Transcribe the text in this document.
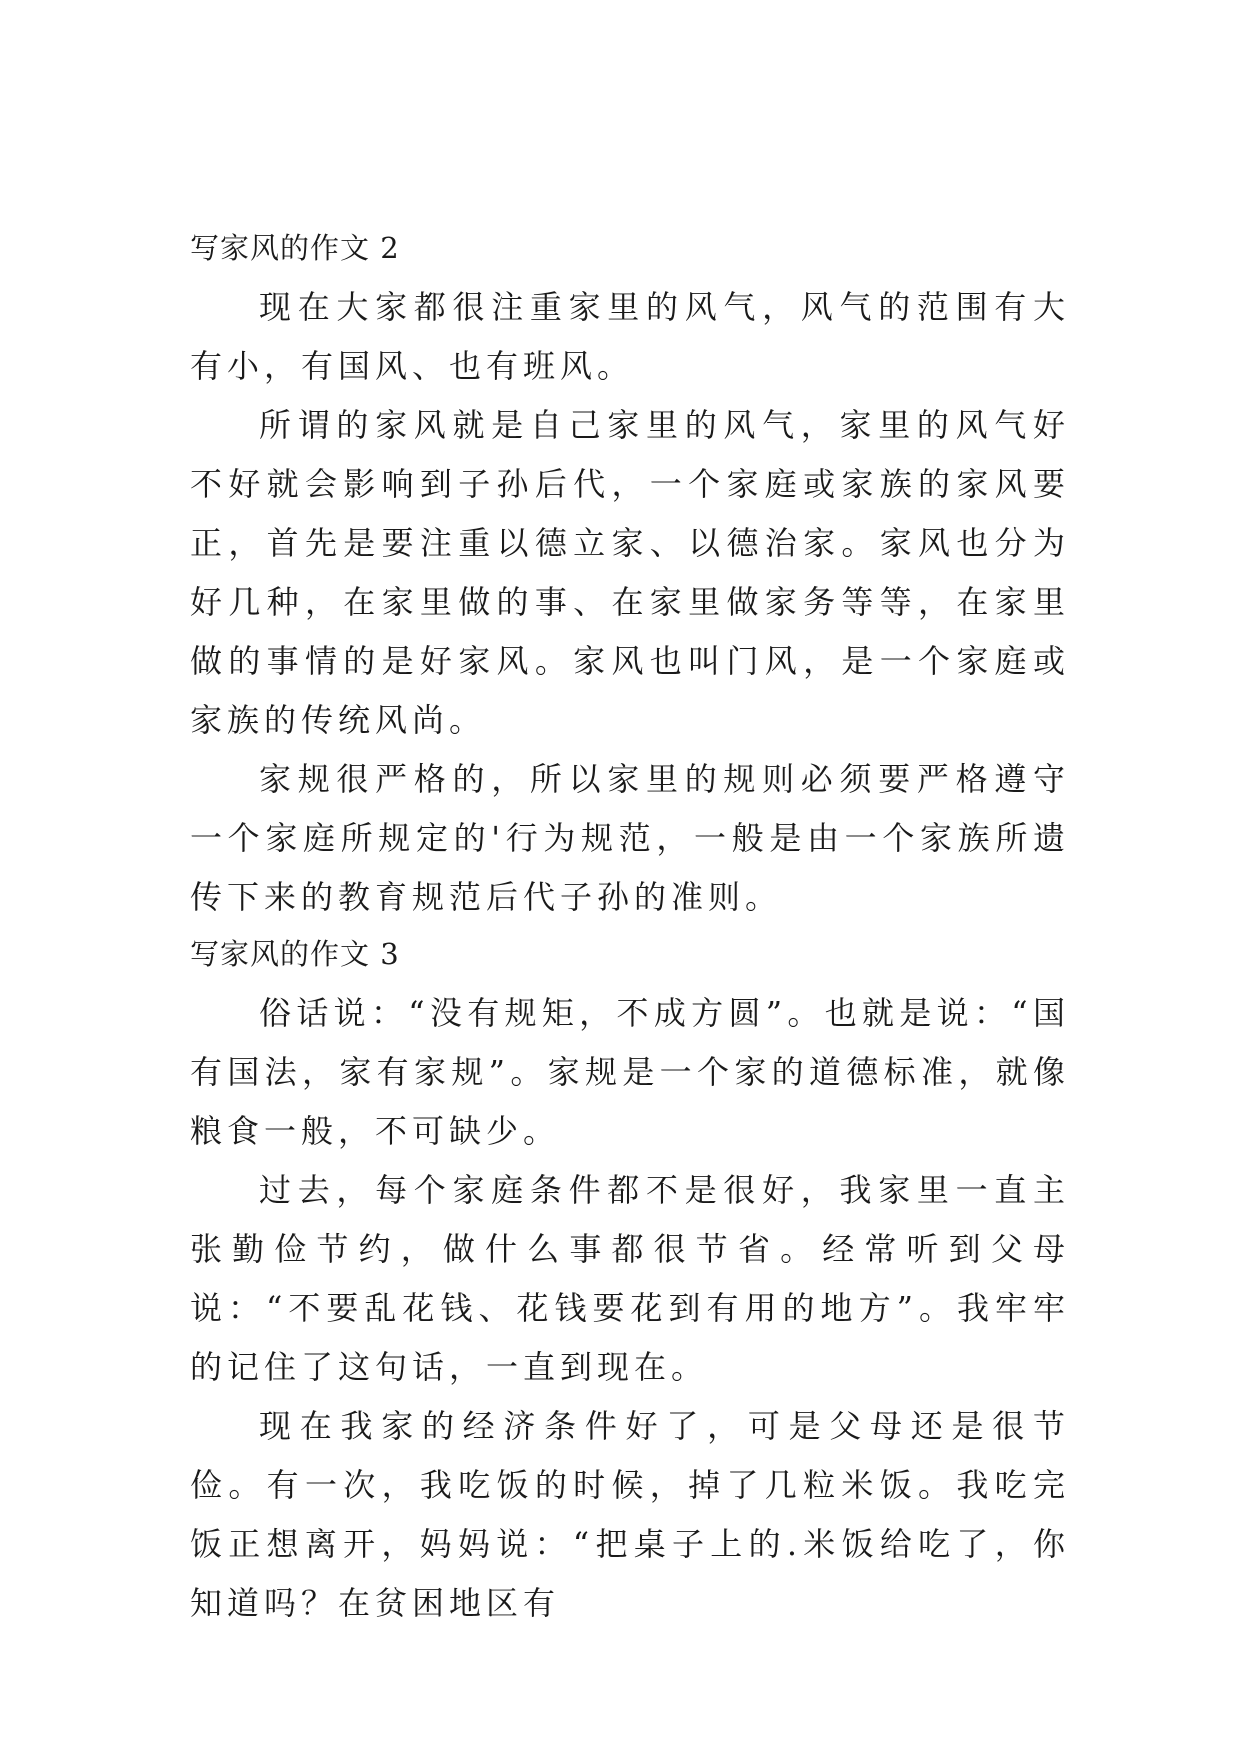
写家风的作文 2

现在大家都很注重家里的风气，风气的范围有大有小，有国风、也有班风。

所谓的家风就是自己家里的风气，家里的风气好不好就会影响到子孙后代，一个家庭或家族的家风要正，首先是要注重以德立家、以德治家。家风也分为好几种，在家里做的事、在家里做家务等等，在家里做的事情的是好家风。家风也叫门风，是一个家庭或家族的传统风尚。

家规很严格的，所以家里的规则必须要严格遵守一个家庭所规定的'行为规范，一般是由一个家族所遗传下来的教育规范后代子孙的准则。

写家风的作文 3

俗话说：“没有规矩，不成方圆”。也就是说：“国有国法，家有家规”。家规是一个家的道德标准，就像粮食一般，不可缺少。

过去，每个家庭条件都不是很好，我家里一直主张勤俭节约，做什么事都很节省。经常听到父母说：“不要乱花钱、花钱要花到有用的地方”。我牢牢的记住了这句话，一直到现在。

现在我家的经济条件好了，可是父母还是很节俭。有一次，我吃饭的时候，掉了几粒米饭。我吃完饭正想离开，妈妈说：“把桌子上的.米饭给吃了，你知道吗？在贫困地区有
